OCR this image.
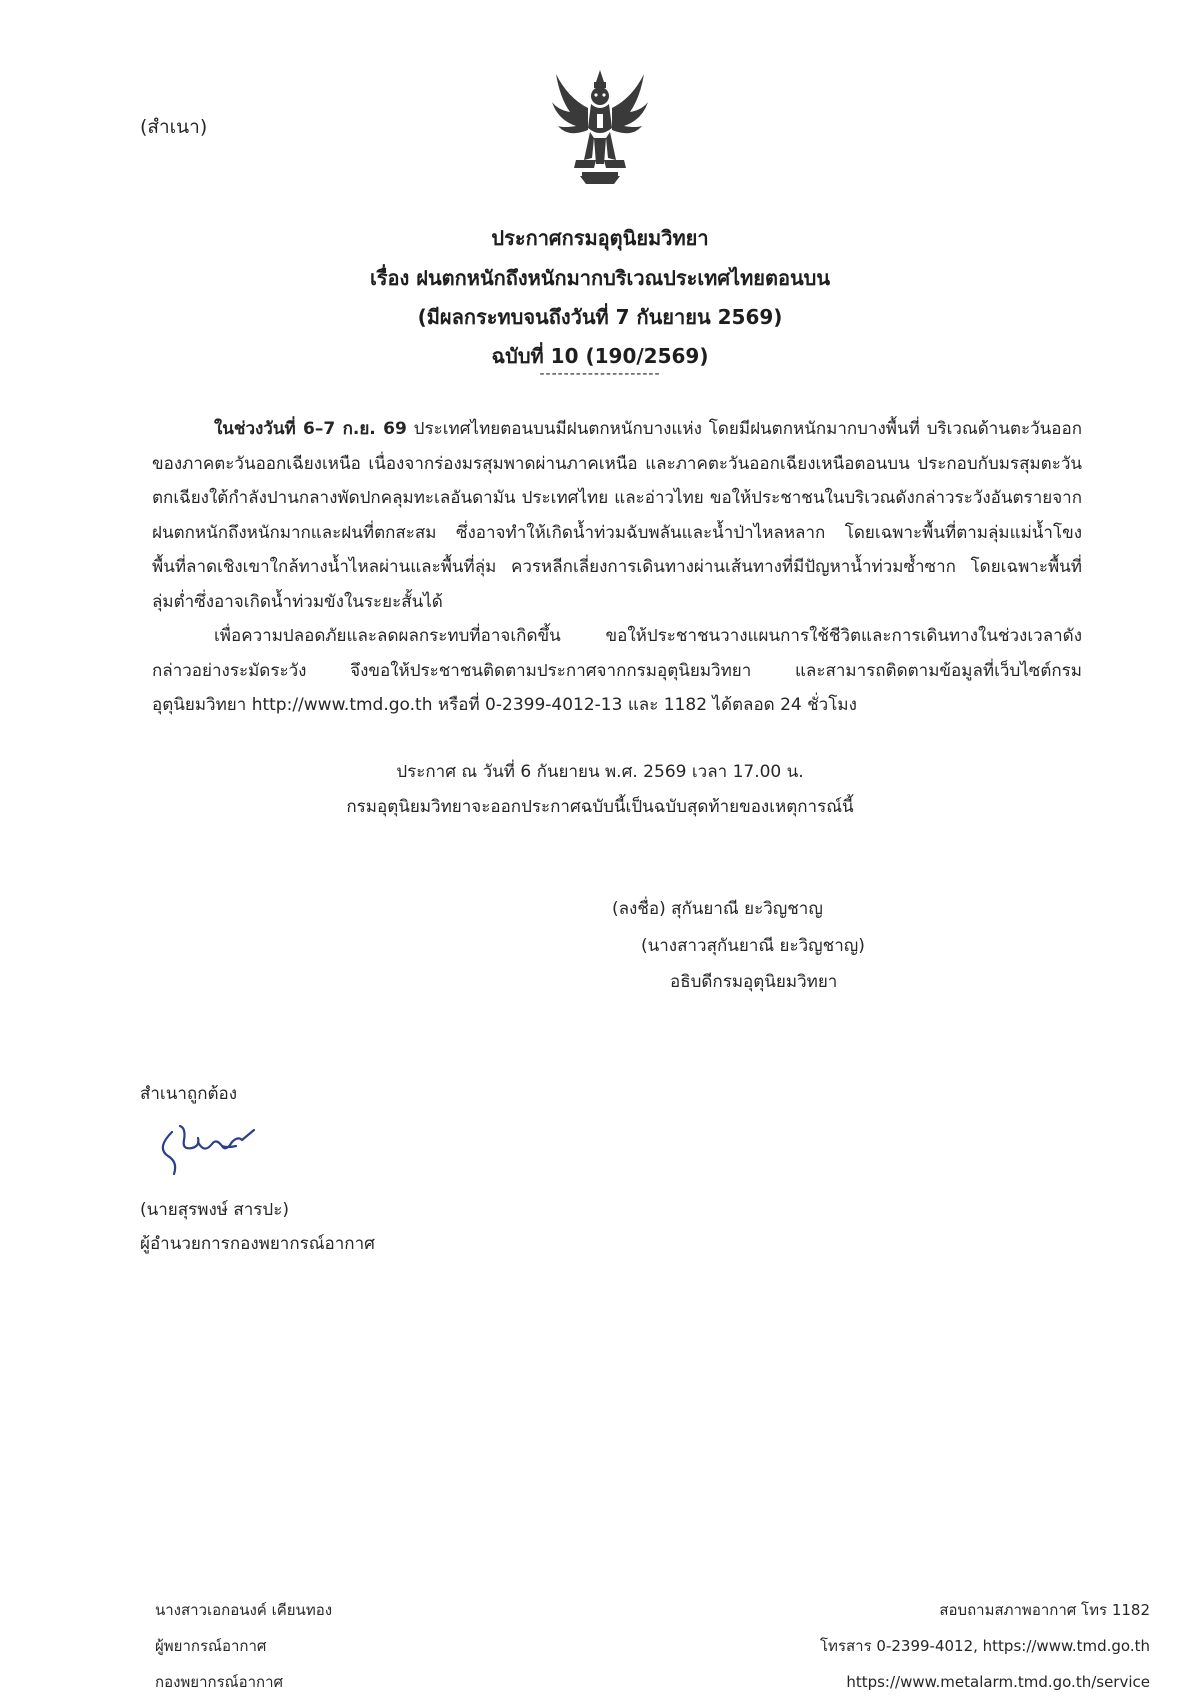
(สำเนา)
ประกาศกรมอุตุนิยมวิทยา
เรื่อง ฝนตกหนักถึงหนักมากบริเวณประเทศไทยตอนบน
(มีผลกระทบจนถึงวันที่ 7 กันยายน 2569)
ฉบับที่ 10 (190/2569)
--------------------
ในช่วงวันที่ 6–7 ก.ย. 69 ประเทศไทยตอนบนมีฝนตกหนักบางแห่ง โดยมีฝนตกหนักมากบางพื้นที่ บริเวณด้านตะวันออกของภาคตะวันออกเฉียงเหนือ เนื่องจากร่องมรสุมพาดผ่านภาคเหนือ และภาคตะวันออกเฉียงเหนือตอนบน ประกอบกับมรสุมตะวันตกเฉียงใต้กำลังปานกลางพัดปกคลุมทะเลอันดามัน ประเทศไทย และอ่าวไทย ขอให้ประชาชนในบริเวณดังกล่าวระวังอันตรายจากฝนตกหนักถึงหนักมากและฝนที่ตกสะสม ซึ่งอาจทำให้เกิดน้ำท่วมฉับพลันและน้ำป่าไหลหลาก โดยเฉพาะพื้นที่ตามลุ่มแม่น้ำโขง พื้นที่ลาดเชิงเขาใกล้ทางน้ำไหลผ่านและพื้นที่ลุ่ม ควรหลีกเลี่ยงการเดินทางผ่านเส้นทางที่มีปัญหาน้ำท่วมซ้ำซาก โดยเฉพาะพื้นที่ลุ่มต่ำซึ่งอาจเกิดน้ำท่วมขังในระยะสั้นได้
เพื่อความปลอดภัยและลดผลกระทบที่อาจเกิดขึ้น ขอให้ประชาชนวางแผนการใช้ชีวิตและการเดินทางในช่วงเวลาดังกล่าวอย่างระมัดระวัง จึงขอให้ประชาชนติดตามประกาศจากกรมอุตุนิยมวิทยา และสามารถติดตามข้อมูลที่เว็บไซต์กรมอุตุนิยมวิทยา http://www.tmd.go.th หรือที่ 0-2399-4012-13 และ 1182 ได้ตลอด 24 ชั่วโมง
ประกาศ ณ วันที่ 6 กันยายน พ.ศ. 2569 เวลา 17.00 น.
กรมอุตุนิยมวิทยาจะออกประกาศฉบับนี้เป็นฉบับสุดท้ายของเหตุการณ์นี้
(ลงชื่อ) สุกันยาณี ยะวิญชาญ
(นางสาวสุกันยาณี ยะวิญชาญ)
อธิบดีกรมอุตุนิยมวิทยา
สำเนาถูกต้อง
(นายสุรพงษ์ สารปะ)
ผู้อำนวยการกองพยากรณ์อากาศ
นางสาวเอกอนงค์ เคียนทอง
ผู้พยากรณ์อากาศ
กองพยากรณ์อากาศ
สอบถามสภาพอากาศ โทร 1182
โทรสาร 0-2399-4012, https://www.tmd.go.th
https://www.metalarm.tmd.go.th/service
